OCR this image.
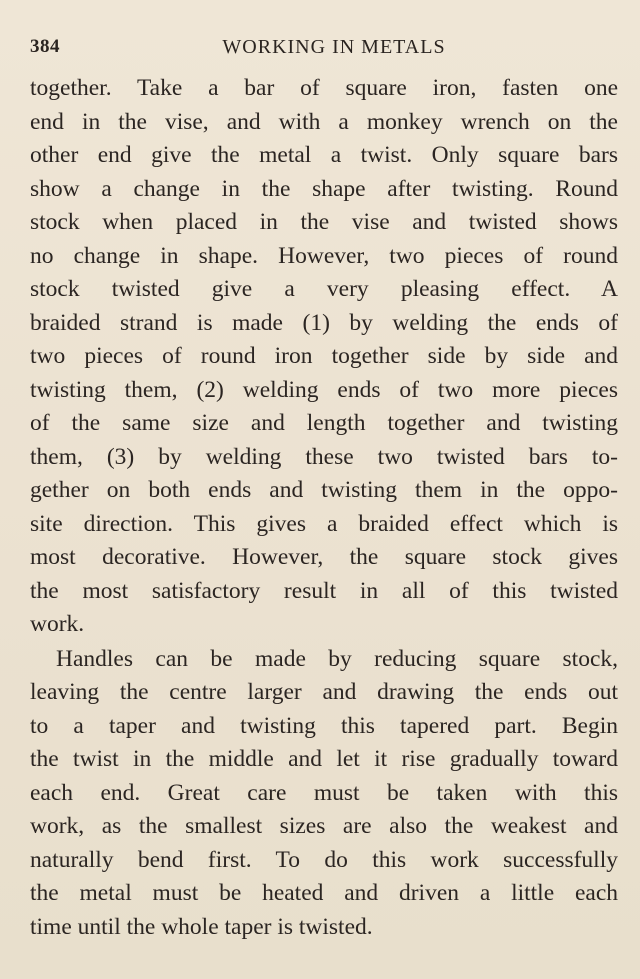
384	WORKING IN METALS
together. Take a bar of square iron, fasten one
end in the vise, and with a monkey wrench on the
other end give the metal a twist. Only square bars
show a change in the shape after twisting. Round
stock when placed in the vise and twisted shows
no change in shape. However, two pieces of round
stock twisted give a very pleasing effect. A
braided strand is made (1) by welding the ends of
two pieces of round iron together side by side and
twisting them, (2) welding ends of two more pieces
of the same size and length together and twisting
them, (3) by welding these two twisted bars to-
gether on both ends and twisting them in the oppo-
site direction. This gives a braided effect which is
most decorative. However, the square stock gives
the most satisfactory result in all of this twisted
work.
Handles can be made by reducing square stock,
leaving the centre larger and drawing the ends out
to a taper and twisting this tapered part. Begin
the twist in the middle and let it rise gradually toward
each end. Great care must be taken with this
work, as the smallest sizes are also the weakest and
naturally bend first. To do this work successfully
the metal must be heated and driven a little each
time until the whole taper is twisted.
